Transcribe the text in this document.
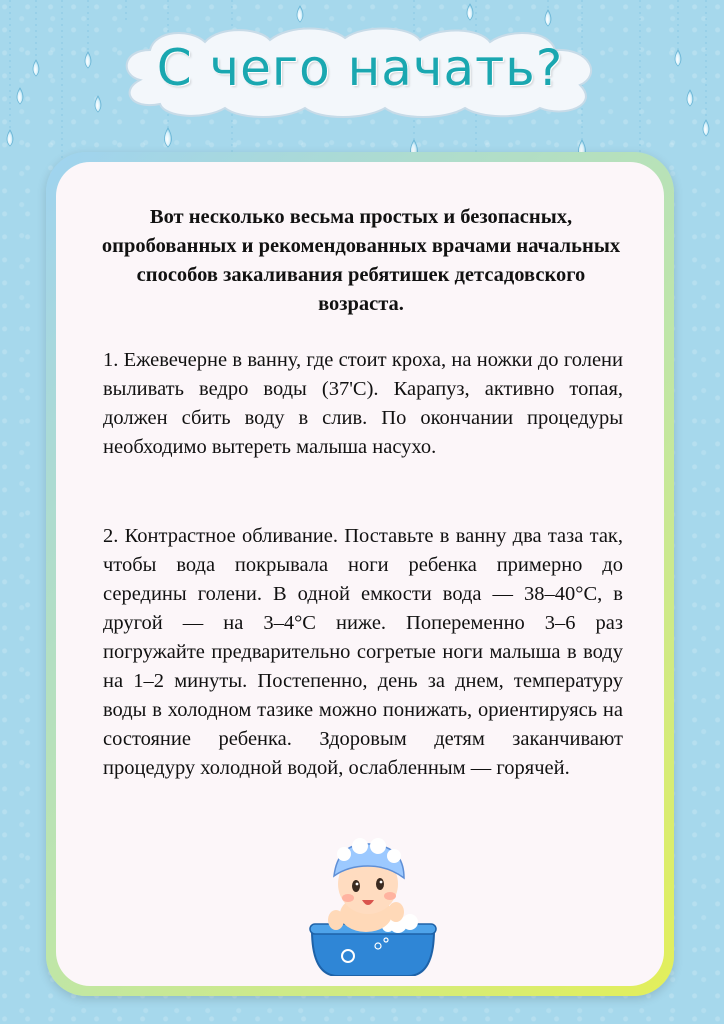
С чего начать?
Вот несколько весьма простых и безопасных, опробованных и рекомендованных врачами начальных способов закаливания ребятишек детсадовского возраста.
1. Ежевечерне в ванну, где стоит кроха, на ножки до голени выливать ведро воды (37'С). Карапуз, активно топая, должен сбить воду в слив. По окончании процедуры необходимо вытереть малыша насухо.
2. Контрастное обливание. Поставьте в ванну два таза так, чтобы вода покрывала ноги ребенка примерно до середины голени. В одной емкости вода — 38–40°С, в другой — на 3–4°С ниже. Попеременно 3–6 раз погружайте предварительно согретые ноги малыша в воду на 1–2 минуты. Постепенно, день за днем, температуру воды в холодном тазике можно понижать, ориентируясь на состояние ребенка. Здоровым детям заканчивают процедуру холодной водой, ослабленным — горячей.
